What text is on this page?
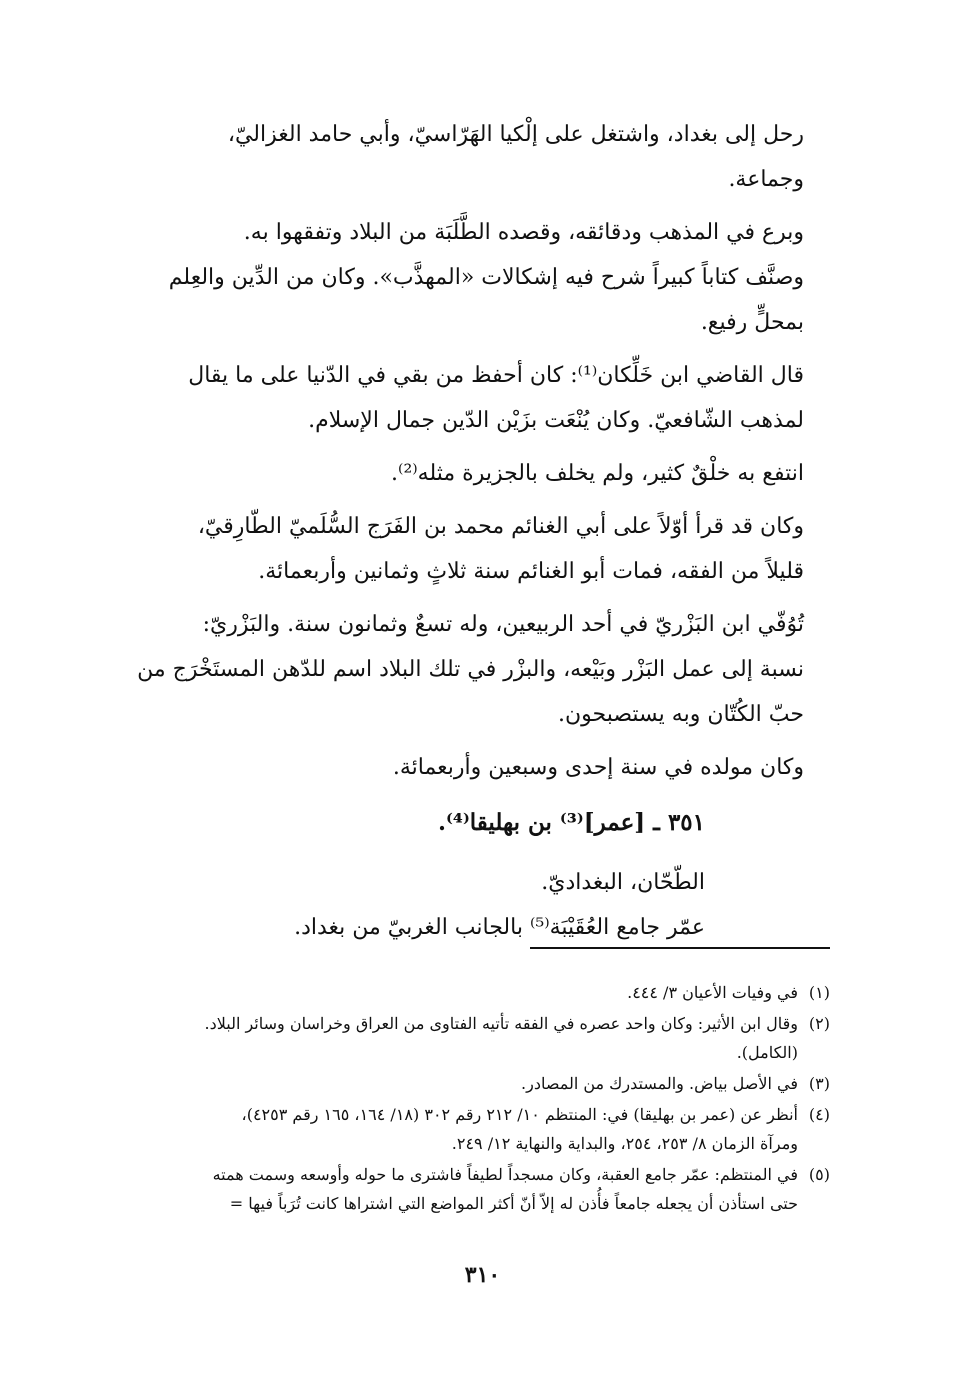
رحل إلى بغداد، واشتغل على إلْكيا الهَرّاسيّ، وأبي حامد الغزاليّ،
وجماعة.

وبرع في المذهب ودقائقه، وقصده الطَّلَبَة من البلاد وتفقهوا به.
وصنَّف كتاباً كبيراً شرح فيه إشكالات «المهذَّب». وكان من الدِّين والعِلم
بمحلٍّ رفيع.

قال القاضي ابن خَلِّكان⁽¹⁾: كان أحفظ من بقي في الدّنيا على ما يقال
لمذهب الشّافعيّ. وكان يُنْعَت بزَيْن الدّين جمال الإسلام.

انتفع به خلْقٌ كثير، ولم يخلف بالجزيرة مثله⁽²⁾.

وكان قد قرأ أوّلاً على أبي الغنائم محمد بن الفَرَج السُّلَميّ الطّارِقيّ،
قليلاً من الفقه، فمات أبو الغنائم سنة ثلاثٍ وثمانين وأربعمائة.

تُوُفّي ابن البَزْريّ في أحد الربيعين، وله تسعٌ وثمانون سنة. والبَزْريّ:
نسبة إلى عمل البَزْر وبَيْعه، والبزْر في تلك البلاد اسم للدّهن المستَخْرَج من
حبّ الكُتّان وبه يستصبحون.

وكان مولده في سنة إحدى وسبعين وأربعمائة.

٣٥١ ـ [عمر]⁽³⁾ بن بهليقا⁽⁴⁾.

الطّحّان، البغداديّ.

عمّر جامع العُقَيْبَة⁽⁵⁾ بالجانب الغربيّ من بغداد.

(١)
في وفيات الأعيان ٣/ ٤٤٤.
(٢)
وقال ابن الأثير: وكان واحد عصره في الفقه تأتيه الفتاوى من العراق وخراسان وسائر البلاد.
(الكامل).
(٣)
في الأصل بياض. والمستدرك من المصادر.
(٤)
أنظر عن (عمر بن بهليقا) في: المنتظم ١٠/ ٢١٢ رقم ٣٠٢ (١٨/ ١٦٤، ١٦٥ رقم ٤٢٥٣)،
ومرآة الزمان ٨/ ٢٥٣، ٢٥٤، والبداية والنهاية ١٢/ ٢٤٩.
(٥)
في المنتظم: عمّر جامع العقبة، وكان مسجداً لطيفاً فاشترى ما حوله وأوسعه وسمت همته
حتى استأذن أن يجعله جامعاً فأُذن له إلاّ أنّ أكثر المواضع التي اشتراها كانت تُرَباً فيها =
٣١٠
